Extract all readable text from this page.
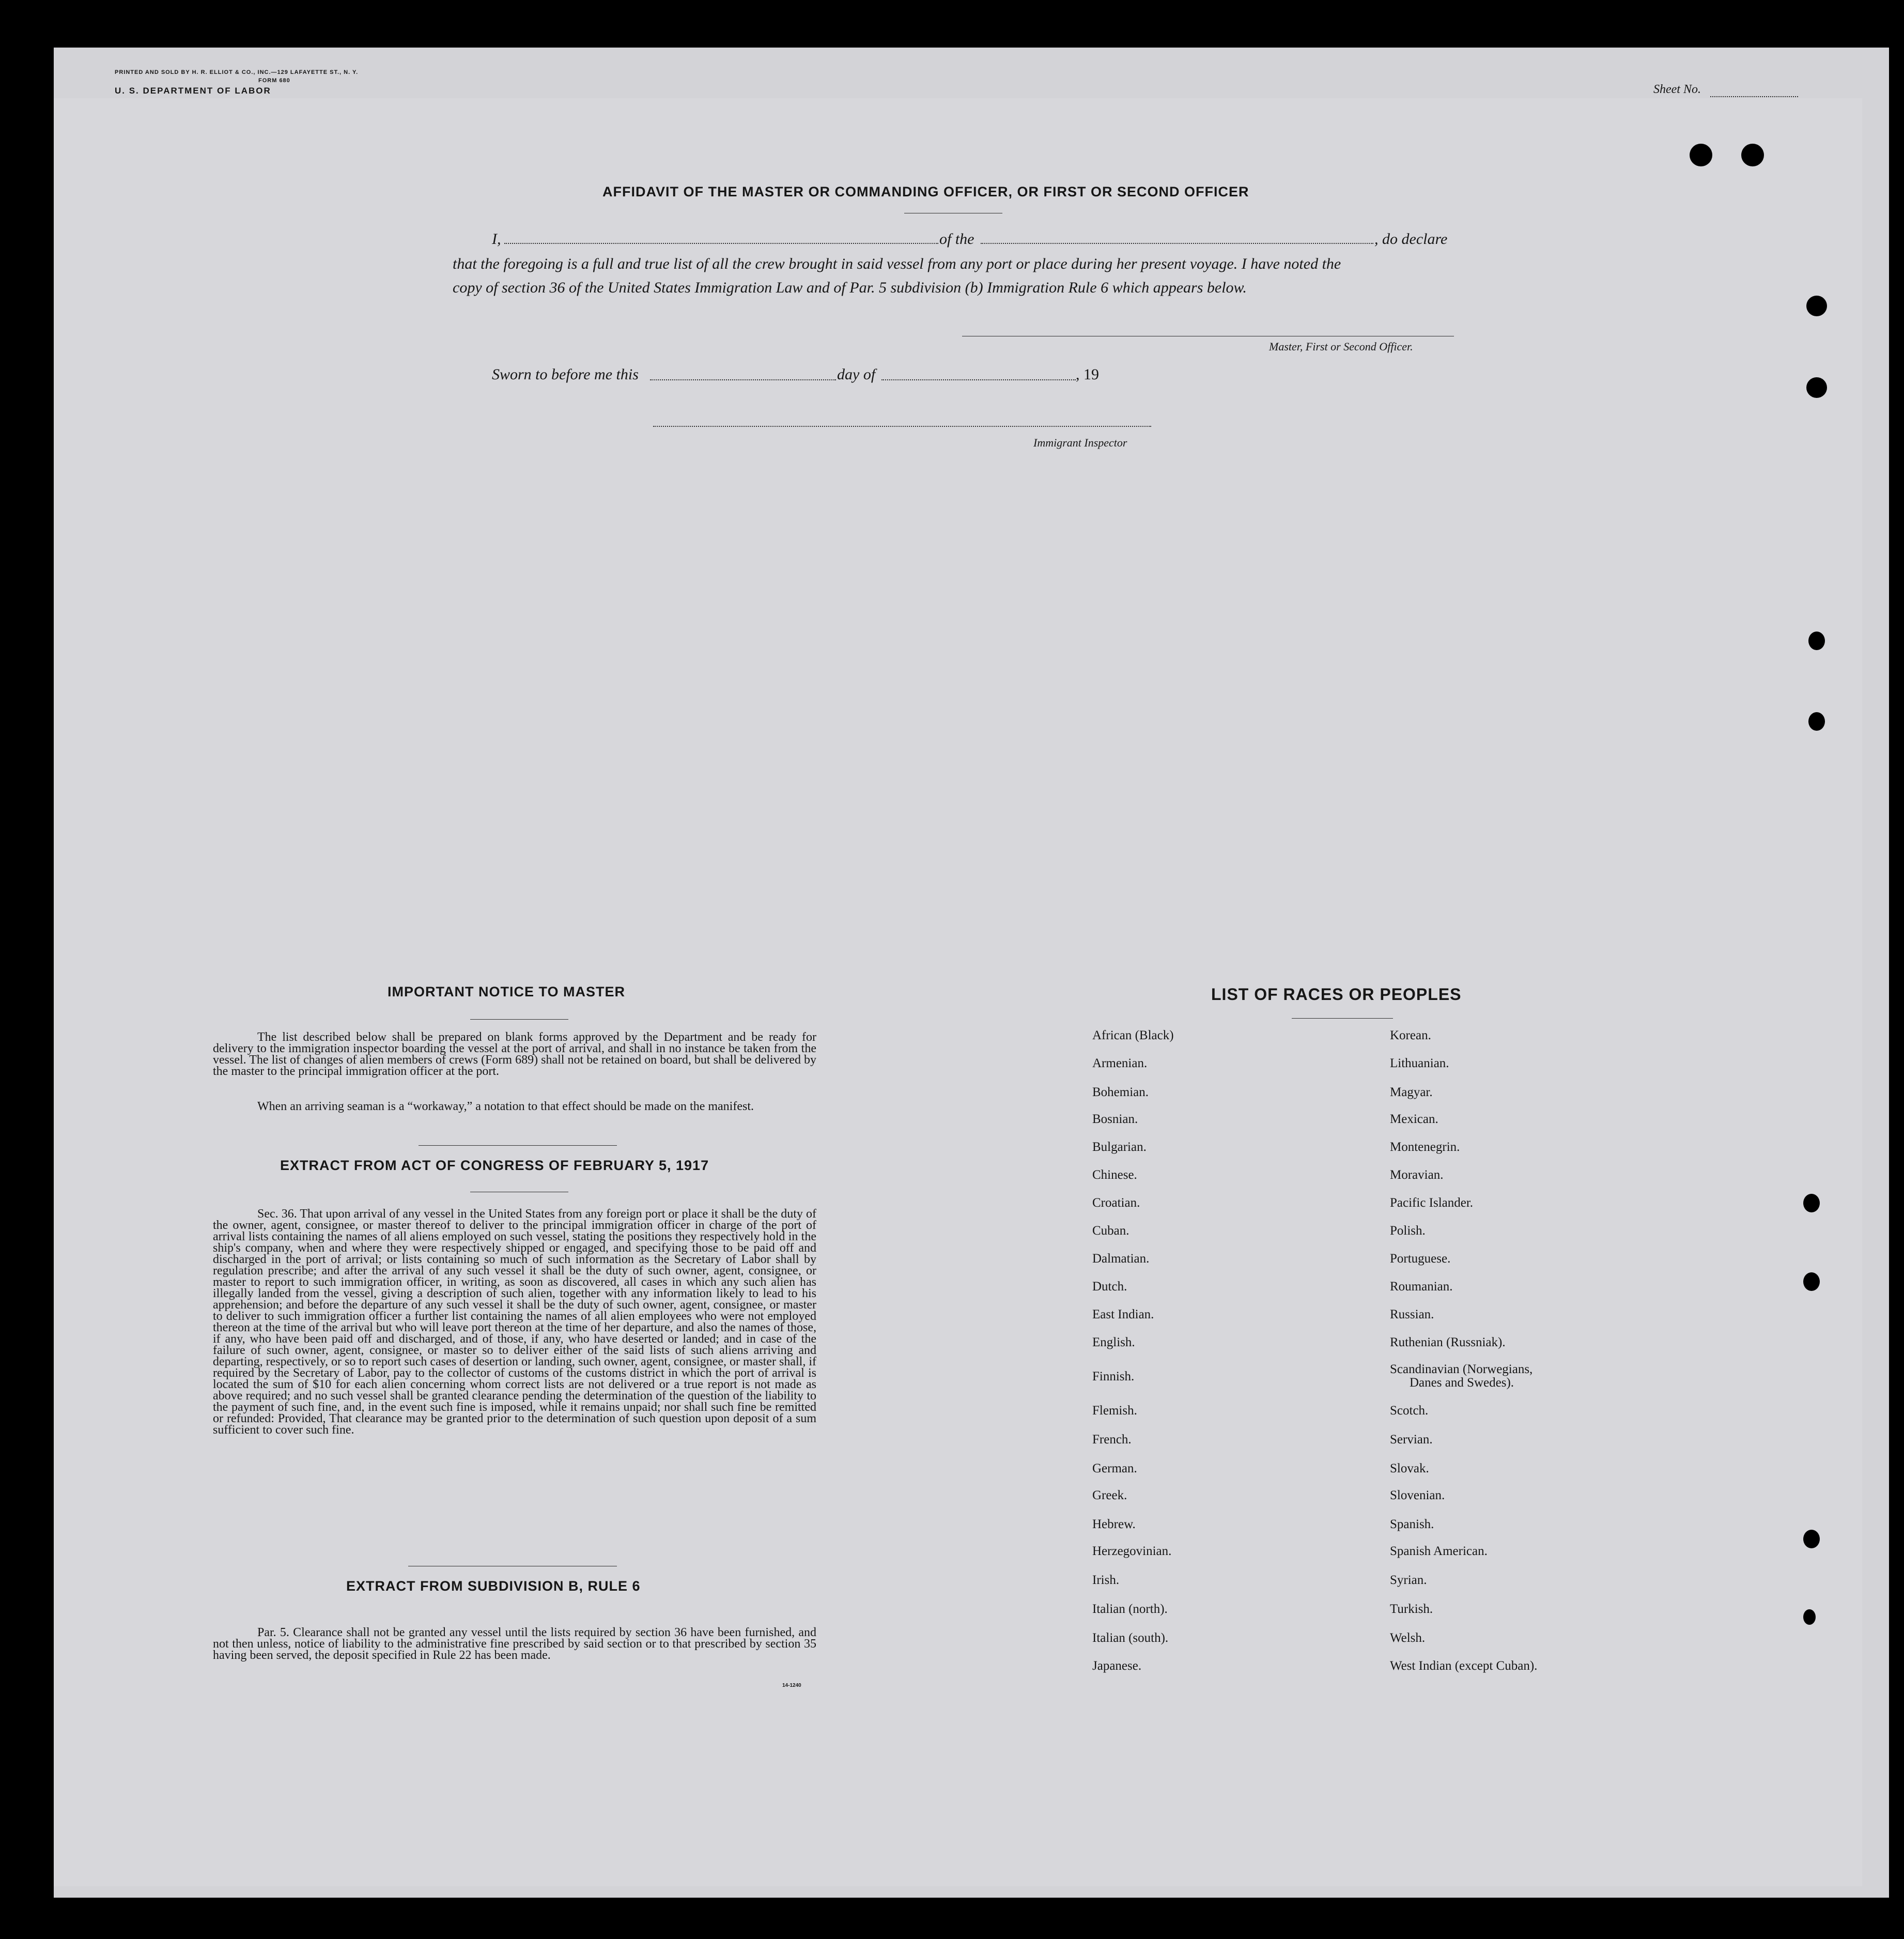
PRINTED AND SOLD BY H. R. ELLIOT & CO., INC.—129 LAFAYETTE ST., N. Y.
FORM 680
U. S. DEPARTMENT OF LABOR	Sheet No.
AFFIDAVIT OF THE MASTER OR COMMANDING OFFICER, OR FIRST OR SECOND OFFICER
I,	of the	, do declare
that the foregoing is a full and true list of all the crew brought in said vessel from any port or place during her present voyage. I have noted the
copy of section 36 of the United States Immigration Law and of Par. 5 subdivision (b) Immigration Rule 6 which appears below.
Master, First or Second Officer.
Sworn to before me this	day of	, 19
Immigrant Inspector
IMPORTANT NOTICE TO MASTER
The list described below shall be prepared on blank forms approved by the Department and be ready for delivery to the immigration inspector boarding the vessel at the port of arrival, and shall in no instance be taken from the vessel. The list of changes of alien members of crews (Form 689) shall not be retained on board, but shall be delivered by the master to the principal immigration officer at the port.
When an arriving seaman is a “workaway,” a notation to that effect should be made on the manifest.
EXTRACT FROM ACT OF CONGRESS OF FEBRUARY 5, 1917
Sec. 36. That upon arrival of any vessel in the United States from any foreign port or place it shall be the duty of the owner, agent, consignee, or master thereof to deliver to the principal immigration officer in charge of the port of arrival lists containing the names of all aliens employed on such vessel, stating the positions they respectively hold in the ship's company, when and where they were respectively shipped or engaged, and specifying those to be paid off and discharged in the port of arrival; or lists containing so much of such information as the Secretary of Labor shall by regulation prescribe; and after the arrival of any such vessel it shall be the duty of such owner, agent, consignee, or master to report to such immigration officer, in writing, as soon as discovered, all cases in which any such alien has illegally landed from the vessel, giving a description of such alien, together with any information likely to lead to his apprehension; and before the departure of any such vessel it shall be the duty of such owner, agent, consignee, or master to deliver to such immigration officer a further list containing the names of all alien employees who were not employed thereon at the time of the arrival but who will leave port thereon at the time of her departure, and also the names of those, if any, who have been paid off and discharged, and of those, if any, who have deserted or landed; and in case of the failure of such owner, agent, consignee, or master so to deliver either of the said lists of such aliens arriving and departing, respectively, or so to report such cases of desertion or landing, such owner, agent, consignee, or master shall, if required by the Secretary of Labor, pay to the collector of customs of the customs district in which the port of arrival is located the sum of $10 for each alien concerning whom correct lists are not delivered or a true report is not made as above required; and no such vessel shall be granted clearance pending the determination of the question of the liability to the payment of such fine, and, in the event such fine is imposed, while it remains unpaid; nor shall such fine be remitted or refunded: Provided, That clearance may be granted prior to the determination of such question upon deposit of a sum sufficient to cover such fine.
EXTRACT FROM SUBDIVISION B, RULE 6
Par. 5. Clearance shall not be granted any vessel until the lists required by section 36 have been furnished, and not then unless, notice of liability to the administrative fine prescribed by said section or to that prescribed by section 35 having been served, the deposit specified in Rule 22 has been made.
14-1240
LIST OF RACES OR PEOPLES
African (Black)
Armenian.
Bohemian.
Bosnian.
Bulgarian.
Chinese.
Croatian.
Cuban.
Dalmatian.
Dutch.
East Indian.
English.
Finnish.
Flemish.
French.
German.
Greek.
Hebrew.
Herzegovinian.
Irish.
Italian (north).
Italian (south).
Japanese.
Korean.
Lithuanian.
Magyar.
Mexican.
Montenegrin.
Moravian.
Pacific Islander.
Polish.
Portuguese.
Roumanian.
Russian.
Ruthenian (Russniak).
Scandinavian (Norwegians,
Danes and Swedes).
Scotch.
Servian.
Slovak.
Slovenian.
Spanish.
Spanish American.
Syrian.
Turkish.
Welsh.
West Indian (except Cuban).
